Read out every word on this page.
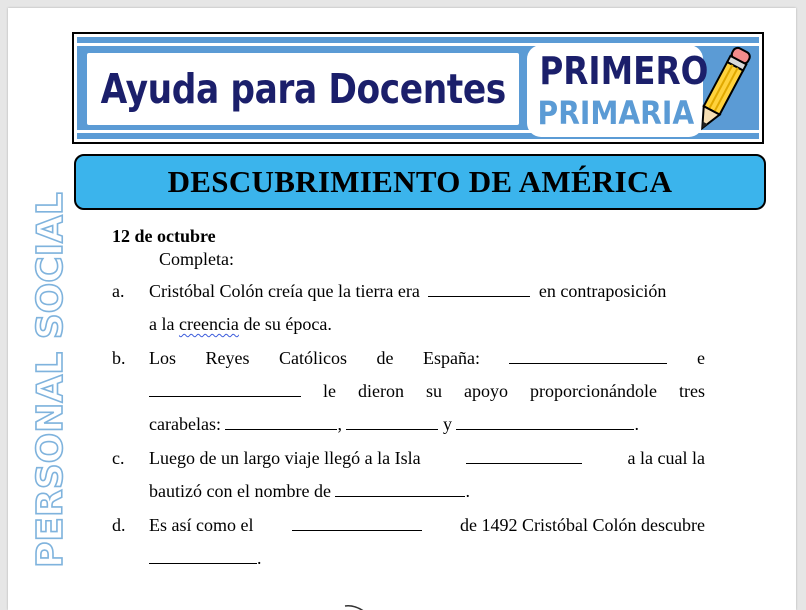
Ayuda para Docentes PRIMERO
PRIMARIA
DESCUBRIMIENTO DE AMÉRICA
PERSONAL SOCIAL 12 de octubre
Completa:
a. Cristóbal Colón creía que la tierra era	en contraposición
a la creencia de su época.
b. Los Reyes Católicos de España:	e
le dieron su apoyo proporcionándole tres
carabelas:	,	y	.
c. Luego de un largo viaje llegó a la Isla	a la cual la
bautizó con el nombre de	.
d. Es así como el	de 1492 Cristóbal Colón descubre
.
